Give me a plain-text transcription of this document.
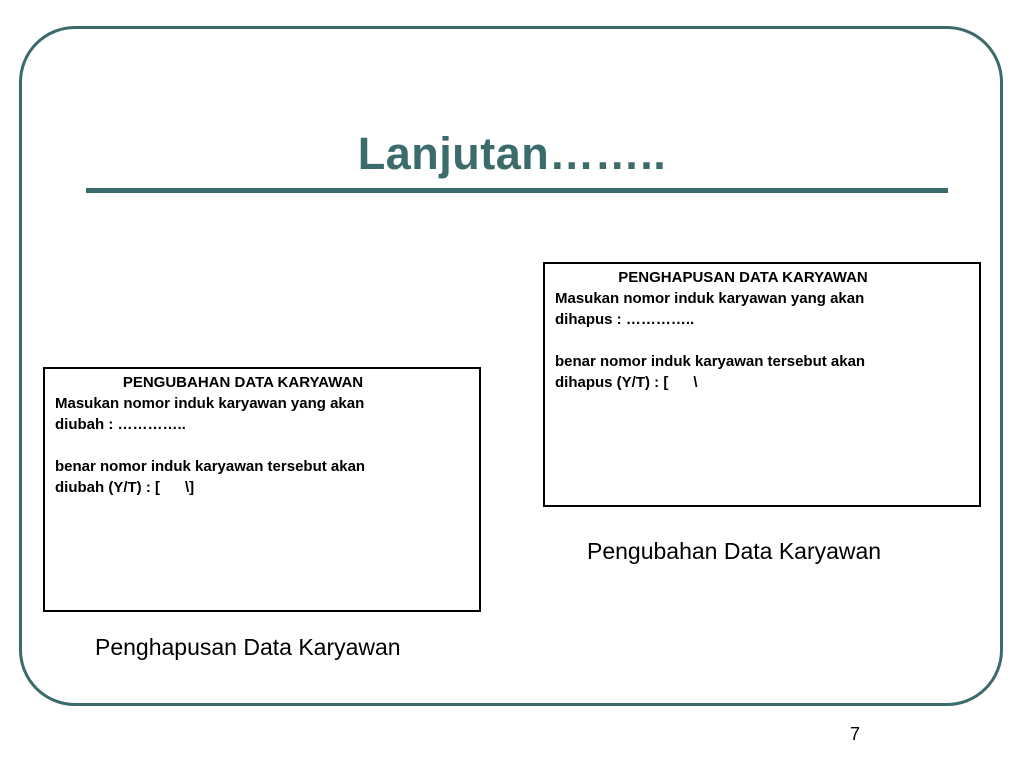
Lanjutan……..
PENGUBAHAN DATA KARYAWAN
Masukan nomor induk karyawan yang akan
diubah : …………..
benar nomor induk karyawan tersebut akan
diubah (Y/T) : [      \]
PENGHAPUSAN DATA KARYAWAN
Masukan nomor induk karyawan yang akan
dihapus : …………..
benar nomor induk karyawan tersebut akan
dihapus (Y/T) : [      \
Pengubahan Data Karyawan
Penghapusan Data Karyawan
7
